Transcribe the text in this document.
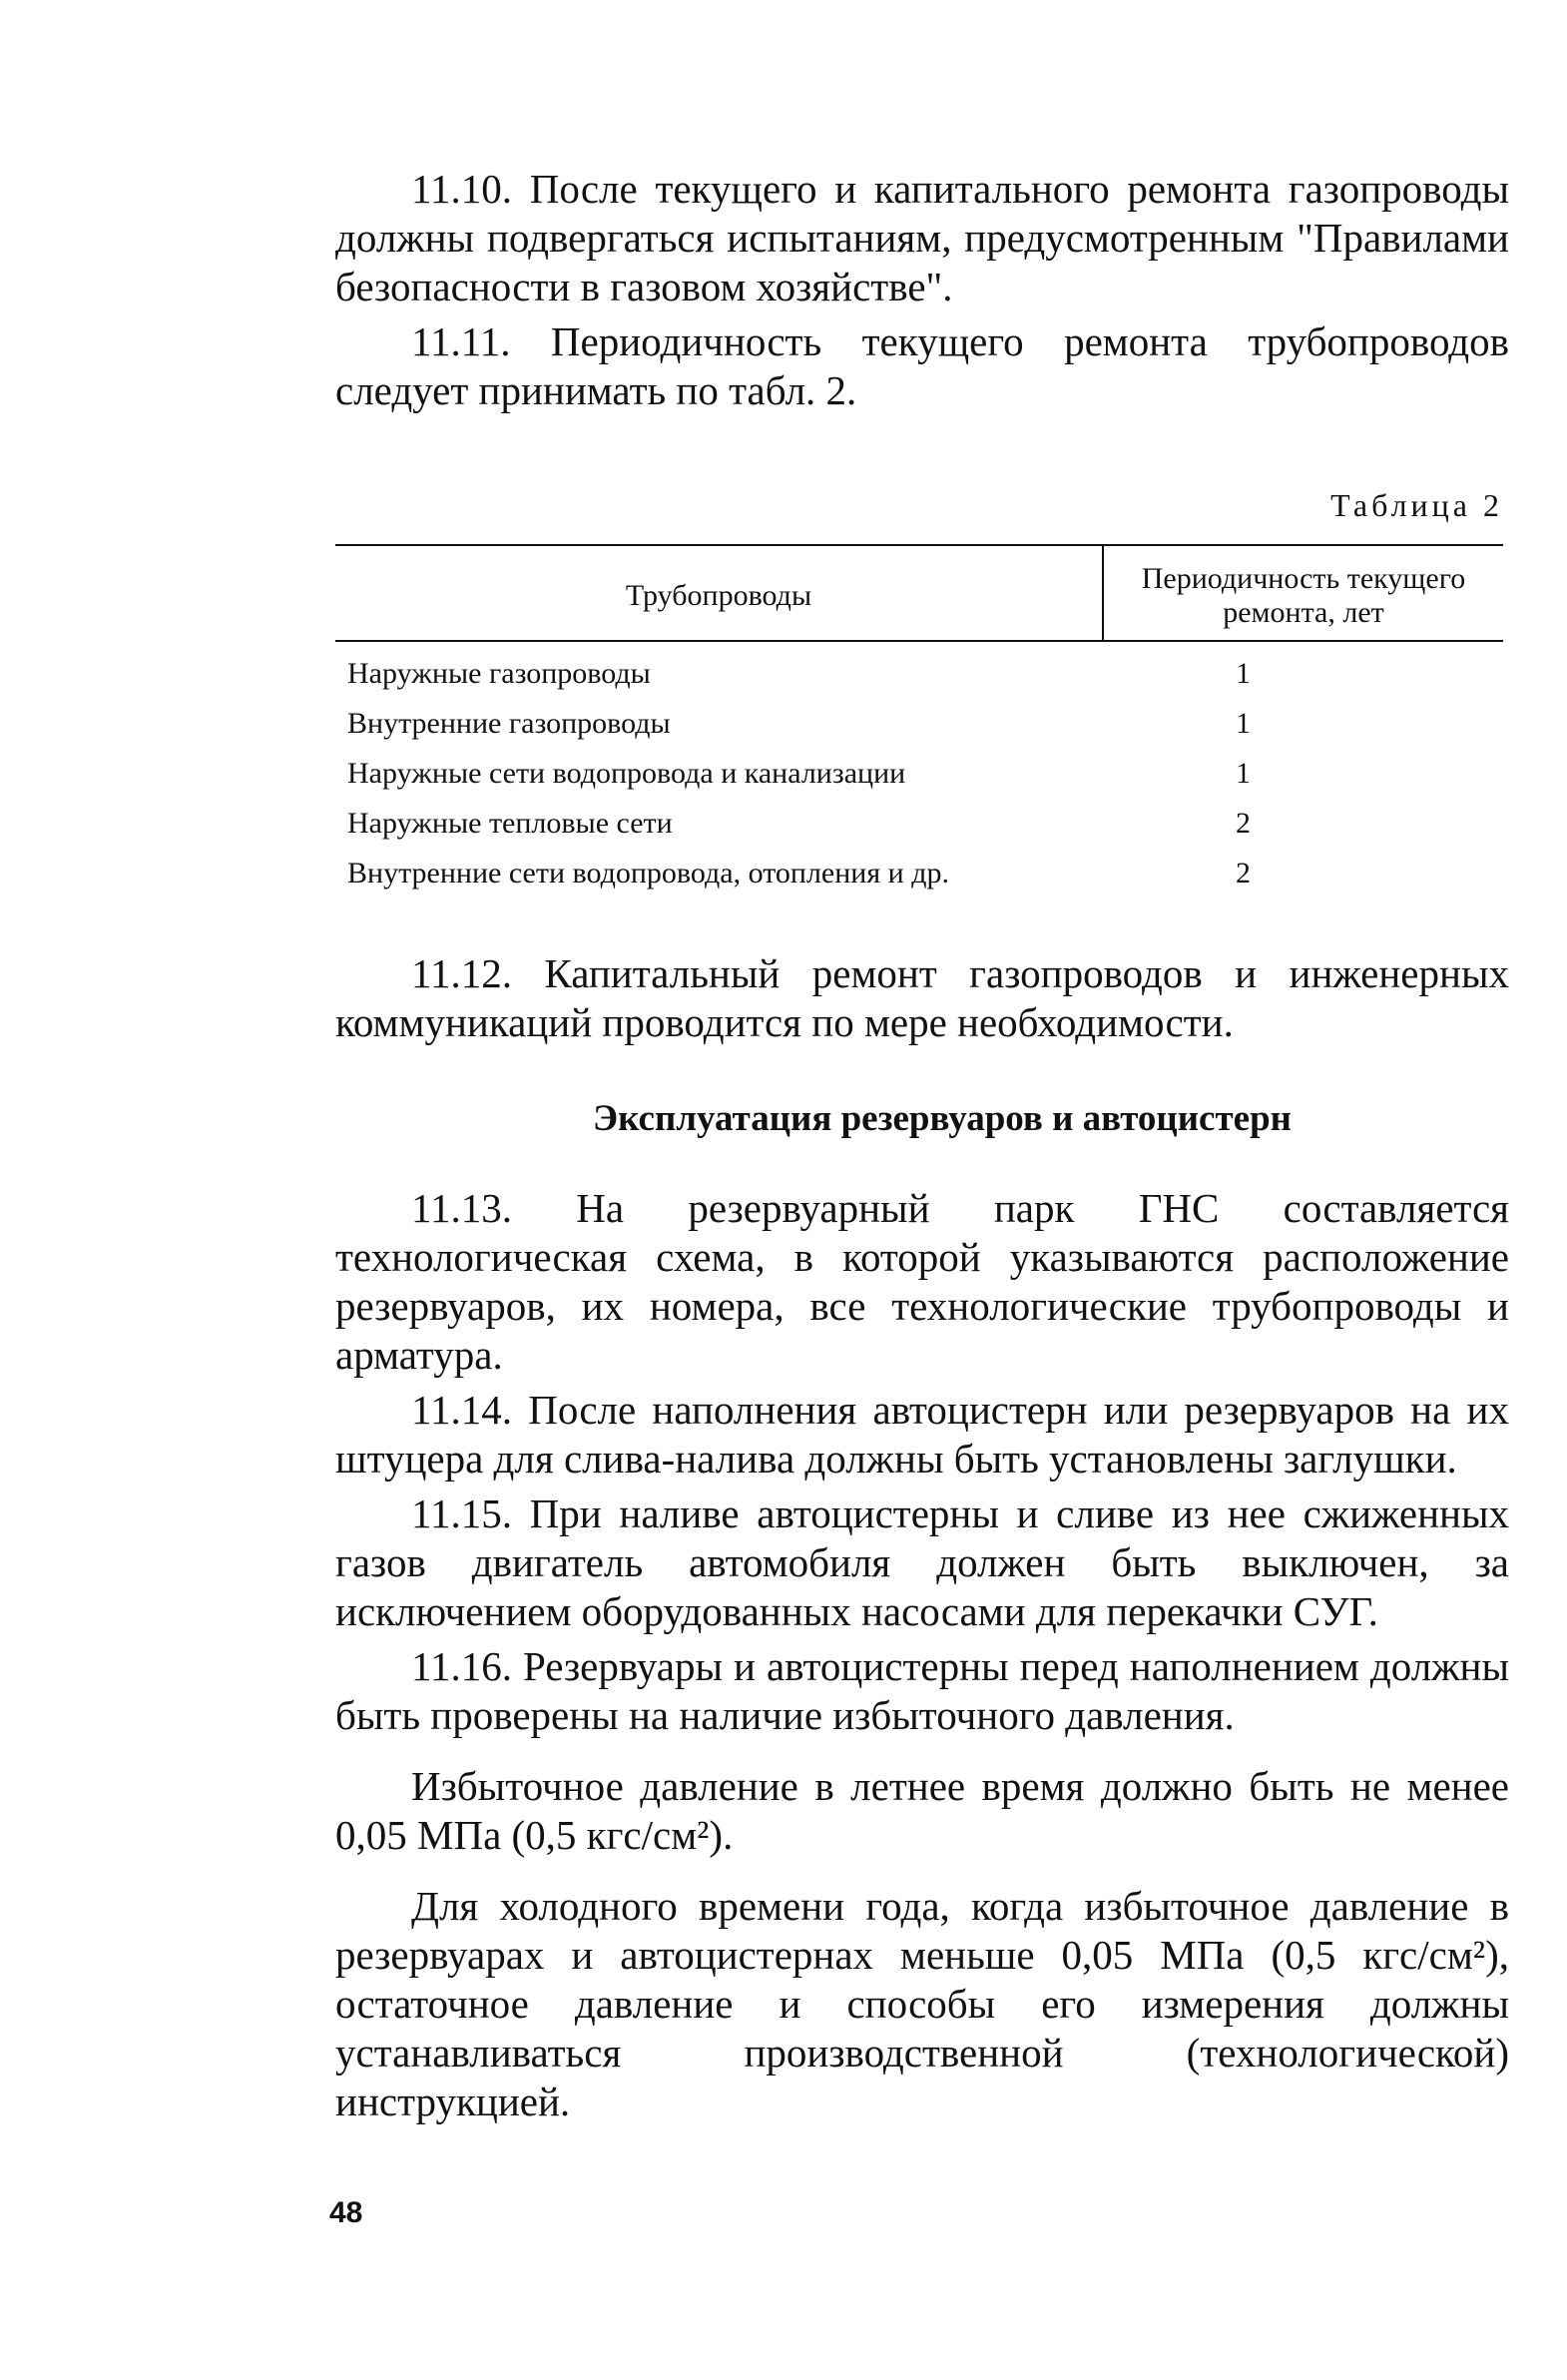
11.10. После текущего и капитального ремонта газопроводы должны подвергаться испытаниям, предусмотренным "Правилами безопасности в газовом хозяйстве".

11.11. Периодичность текущего ремонта трубопроводов следует принимать по табл. 2.

Таблица 2
Трубопроводы	Периодичность текущего ремонта, лет
Наружные газопроводы	1
Внутренние газопроводы	1
Наружные сети водопровода и канализации	1
Наружные тепловые сети	2
Внутренние сети водопровода, отопления и др.	2

11.12. Капитальный ремонт газопроводов и инженерных коммуникаций проводится по мере необходимости.

Эксплуатация резервуаров и автоцистерн

11.13. На резервуарный парк ГНС составляется технологическая схема, в которой указываются расположение резервуаров, их номера, все технологические трубопроводы и арматура.

11.14. После наполнения автоцистерн или резервуаров на их штуцера для слива-налива должны быть установлены заглушки.

11.15. При наливе автоцистерны и сливе из нее сжиженных газов двигатель автомобиля должен быть выключен, за исключением оборудованных насосами для перекачки СУГ.

11.16. Резервуары и автоцистерны перед наполнением должны быть проверены на наличие избыточного давления.

Избыточное давление в летнее время должно быть не менее 0,05 МПа (0,5 кгс/см²).

Для холодного времени года, когда избыточное давление в резервуарах и автоцистернах меньше 0,05 МПа (0,5 кгс/см²), остаточное давление и способы его измерения должны устанавливаться производственной (технологической) инструкцией.

48
